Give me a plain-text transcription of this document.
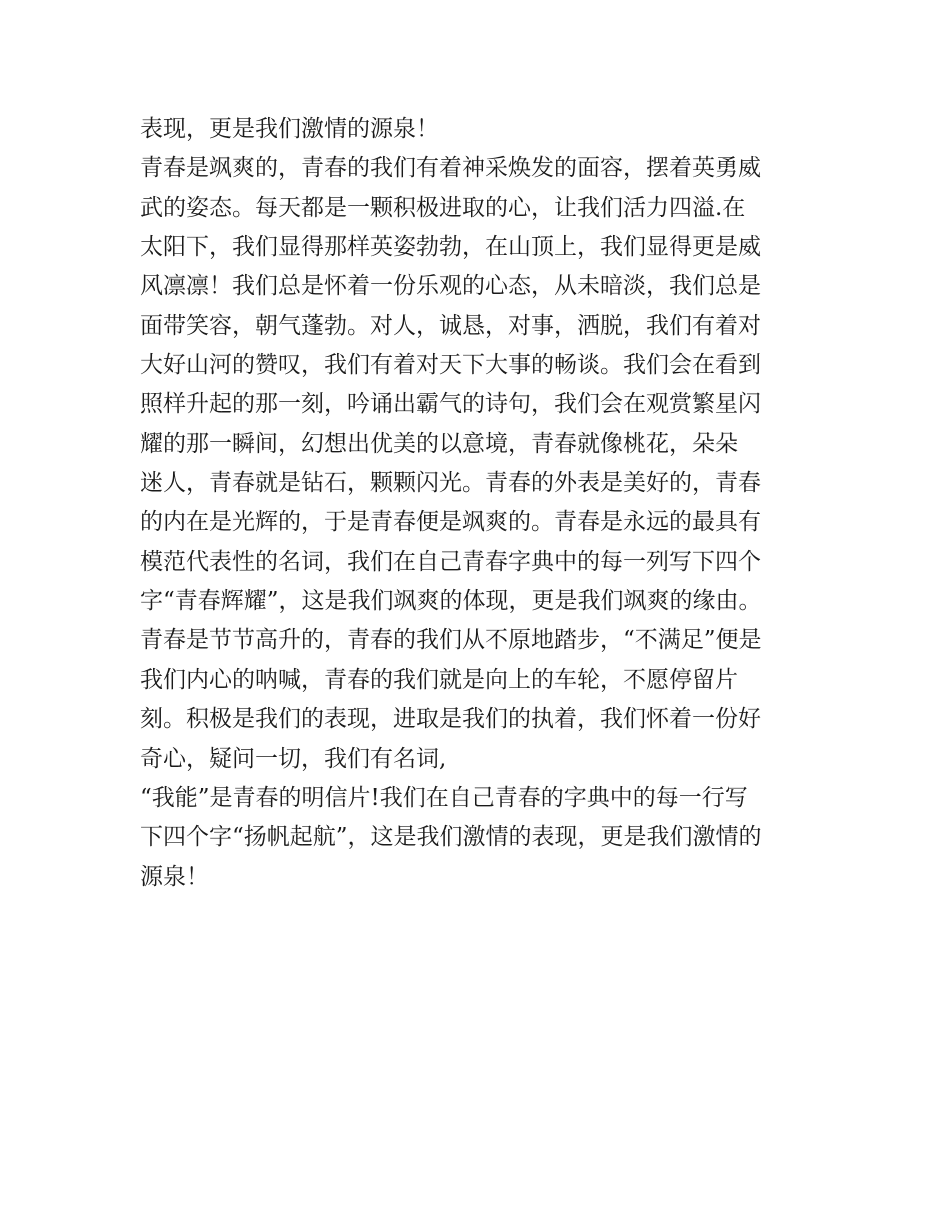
表现，更是我们激情的源泉！
青春是飒爽的，青春的我们有着神采焕发的面容，摆着英勇威
武的姿态。每天都是一颗积极进取的心，让我们活力四溢.在
太阳下，我们显得那样英姿勃勃，在山顶上，我们显得更是威
风凛凛！我们总是怀着一份乐观的心态，从未暗淡，我们总是
面带笑容，朝气蓬勃。对人，诚恳，对事，洒脱，我们有着对
大好山河的赞叹，我们有着对天下大事的畅谈。我们会在看到
照样升起的那一刻，吟诵出霸气的诗句，我们会在观赏繁星闪
耀的那一瞬间，幻想出优美的以意境，青春就像桃花，朵朵
迷人，青春就是钻石，颗颗闪光。青春的外表是美好的，青春
的内在是光辉的，于是青春便是飒爽的。青春是永远的最具有
模范代表性的名词，我们在自己青春字典中的每一列写下四个
字“青春辉耀”，这是我们飒爽的体现，更是我们飒爽的缘由。
青春是节节高升的，青春的我们从不原地踏步，“不满足”便是
我们内心的呐喊，青春的我们就是向上的车轮，不愿停留片
刻。积极是我们的表现，进取是我们的执着，我们怀着一份好
奇心，疑问一切，我们有名词,
“我能”是青春的明信片!我们在自己青春的字典中的每一行写
下四个字“扬帆起航”，这是我们激情的表现，更是我们激情的
源泉！
